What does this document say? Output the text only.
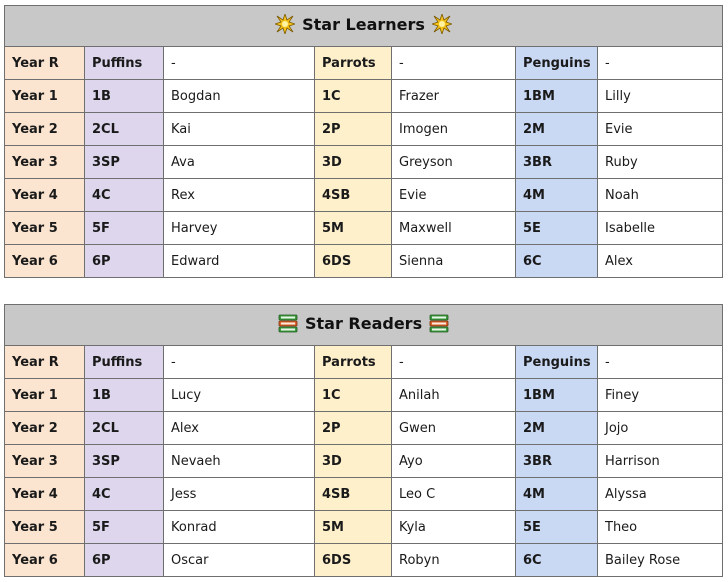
Star Learners						

Year R	Puffins	-	Parrots	-	Penguins	-
Year 1	1B	Bogdan	1C	Frazer	1BM	Lilly
Year 2	2CL	Kai	2P	Imogen	2M	Evie
Year 3	3SP	Ava	3D	Greyson	3BR	Ruby
Year 4	4C	Rex	4SB	Evie	4M	Noah
Year 5	5F	Harvey	5M	Maxwell	5E	Isabelle
Year 6	6P	Edward	6DS	Sienna	6C	Alex
Star Readers						

Year R	Puffins	-	Parrots	-	Penguins	-
Year 1	1B	Lucy	1C	Anilah	1BM	Finey
Year 2	2CL	Alex	2P	Gwen	2M	Jojo
Year 3	3SP	Nevaeh	3D	Ayo	3BR	Harrison
Year 4	4C	Jess	4SB	Leo C	4M	Alyssa
Year 5	5F	Konrad	5M	Kyla	5E	Theo
Year 6	6P	Oscar	6DS	Robyn	6C	Bailey Rose
